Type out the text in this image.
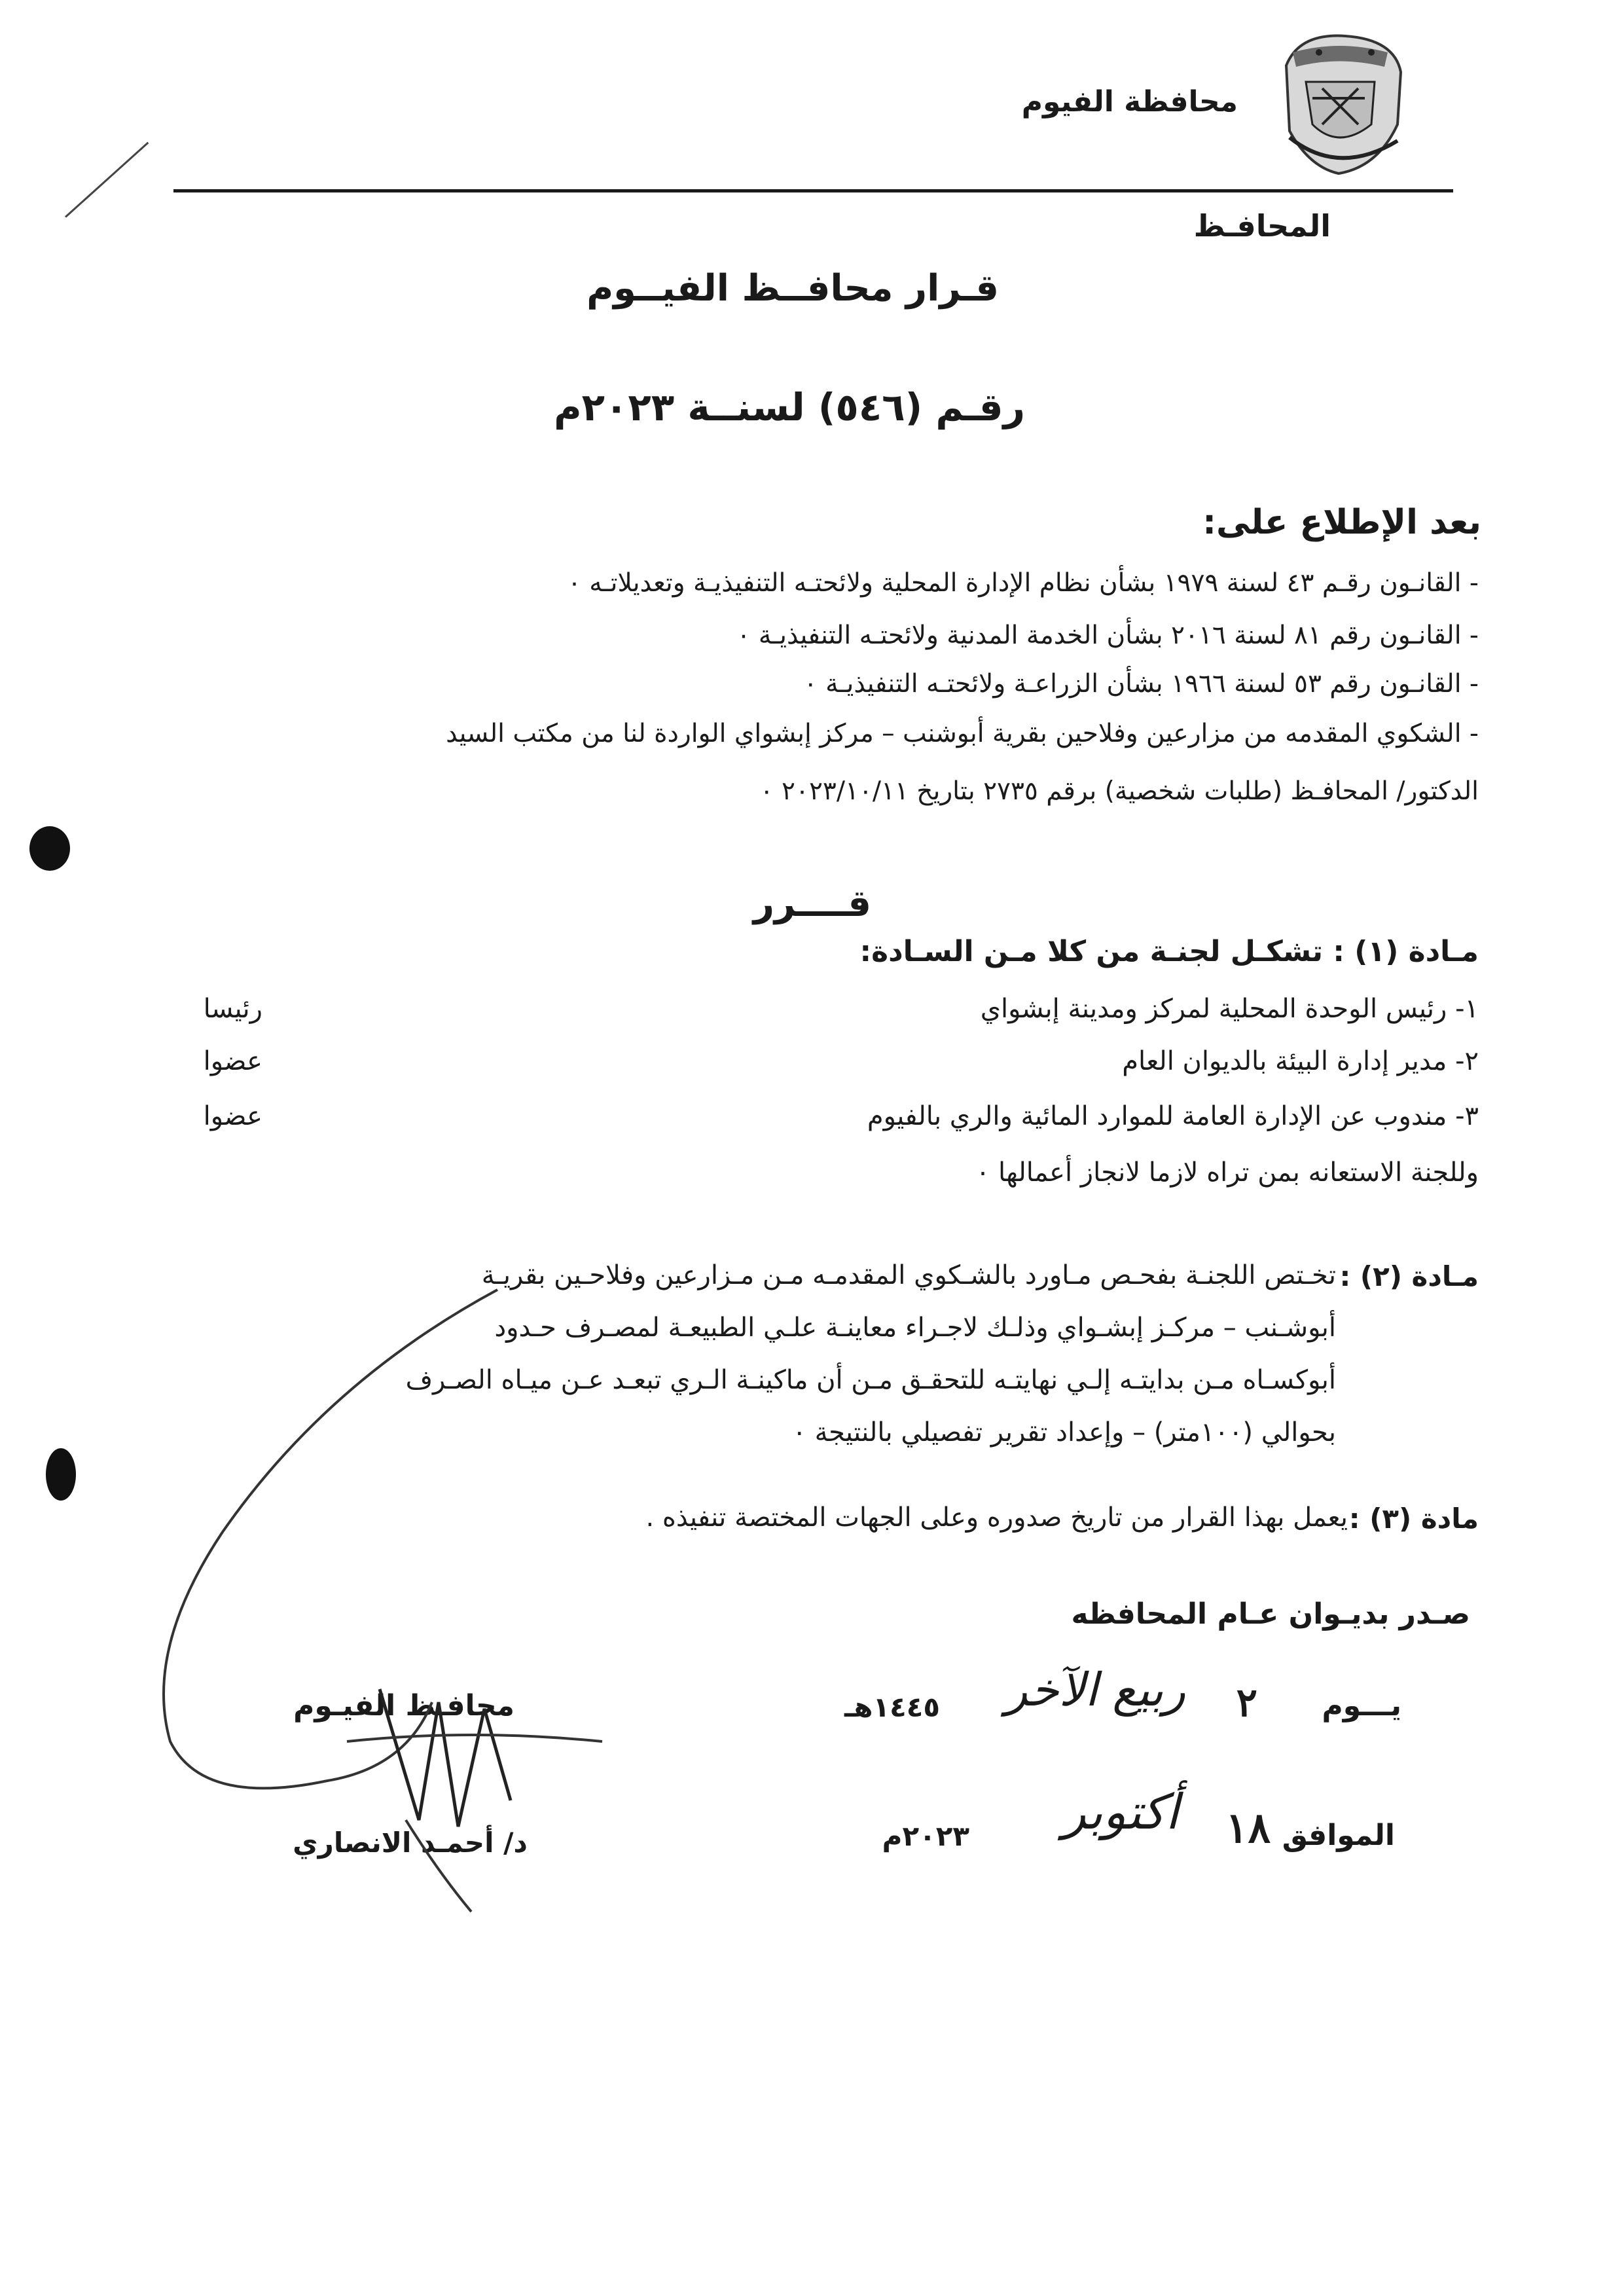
محافظة الفيوم
المحافـظ
قـرار محافــظ الفيــوم
رقـم (٥٤٦) لسنــة ٢٠٢٣م
بعد الإطلاع على:
- القانـون رقـم ٤٣ لسنة ١٩٧٩ بشأن نظام الإدارة المحلية ولائحتـه التنفيذيـة وتعديلاتـه ٠
- القانـون رقم ٨١ لسنة ٢٠١٦ بشأن الخدمة المدنية ولائحتـه التنفيذيـة ٠
- القانـون رقم ٥٣ لسنة ١٩٦٦ بشأن الزراعـة ولائحتـه التنفيذيـة ٠
- الشكوي المقدمه من مزارعين وفلاحين بقرية أبوشنب – مركز إبشواي الواردة لنا من مكتب السيد
الدكتور/ المحافـظ (طلبات شخصية) برقم ٢٧٣٥ بتاريخ ٢٠٢٣/١٠/١١ ٠
قــــرر
مـادة (١) : تشكـل لجنـة من كلا مـن السـادة:
١- رئيس الوحدة المحلية لمركز ومدينة إبشواي
رئيسا
٢- مدير إدارة البيئة بالديوان العام
عضوا
٣- مندوب عن الإدارة العامة للموارد المائية والري بالفيوم
عضوا
وللجنة الاستعانه بمن تراه لازما لانجاز أعمالها ٠
مـادة (٢) :
تخـتص اللجنـة بفحـص مـاورد بالشـكوي المقدمـه مـن مـزارعين وفلاحـين بقريـة
أبوشـنب – مركـز إبشـواي وذلـك لاجـراء معاينـة علـي الطبيعـة لمصـرف حـدود
أبوكسـاه مـن بدايتـه إلـي نهايتـه للتحقـق مـن أن ماكينـة الـري تبعـد عـن ميـاه الصـرف
بحوالي (١٠٠متر) – وإعداد تقرير تفصيلي بالنتيجة ٠
مادة (٣) :
يعمل بهذا القرار من تاريخ صدوره وعلى الجهات المختصة تنفيذه .
صـدر بديـوان عـام المحافظه
يـــوم
٢
ربيع الآخر
١٤٤٥هـ
الموافق
١٨
أكتوبر
٢٠٢٣م
محافـظ الفيـوم
د/ أحمـد الانصاري
